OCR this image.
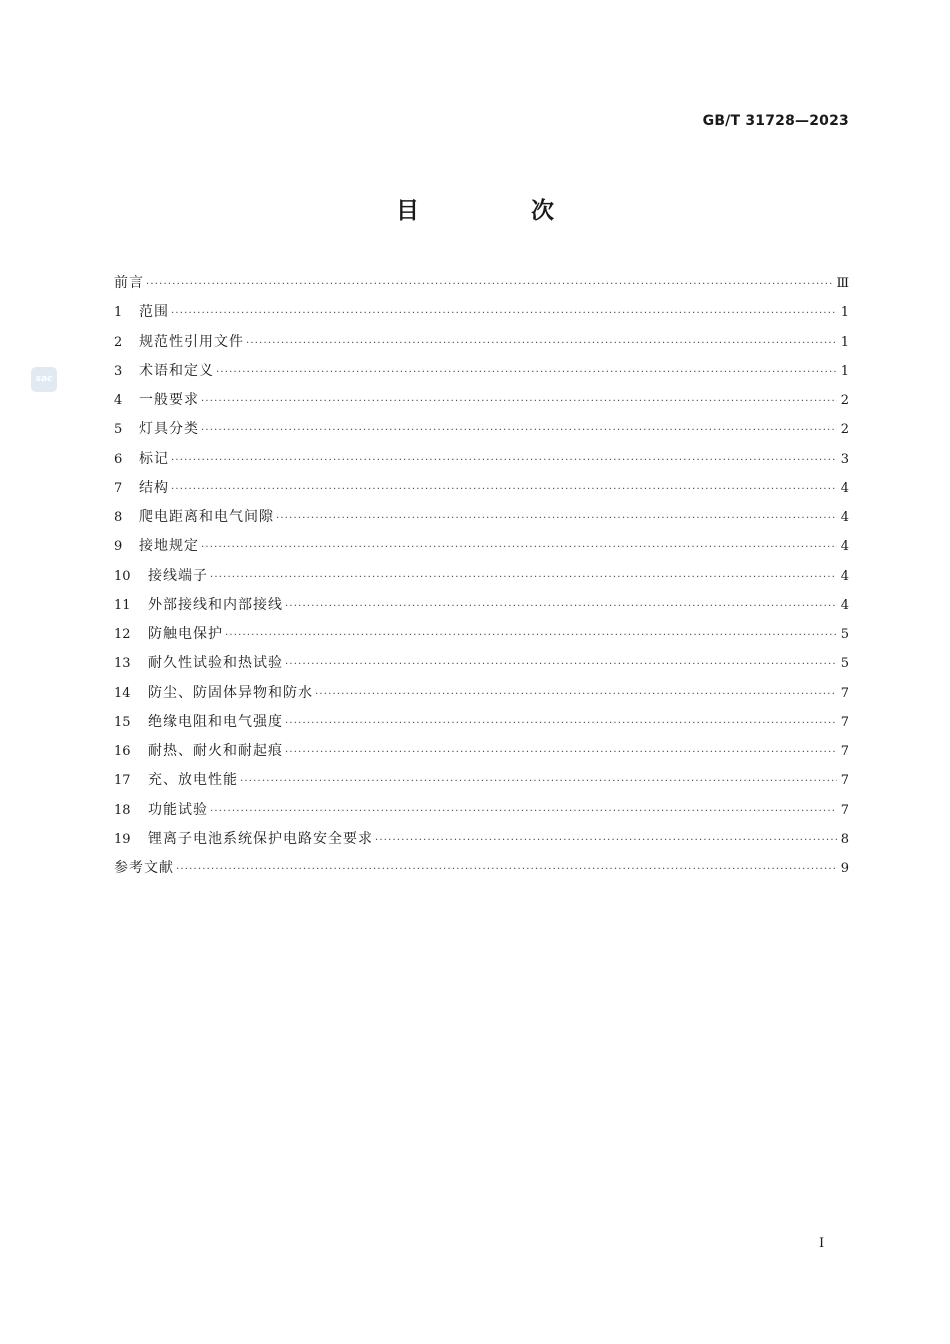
GB/T 31728—2023
sac
目 次
前言 ·····	Ⅲ
1	范围 ·····	1
2	规范性引用文件 ·····	1
3	术语和定义 ·····	1
4	一般要求 ·····	2
5	灯具分类 ·····	2
6	标记 ·····	3
7	结构 ·····	4
8	爬电距离和电气间隙 ·····	4
9	接地规定 ·····	4
10	接线端子 ·····	4
11	外部接线和内部接线 ·····	4
12	防触电保护 ·····	5
13	耐久性试验和热试验 ·····	5
14	防尘、防固体异物和防水 ·····	7
15	绝缘电阻和电气强度 ·····	7
16	耐热、耐火和耐起痕 ·····	7
17	充、放电性能 ·····	7
18	功能试验 ·····	7
19	锂离子电池系统保护电路安全要求 ·····	8
参考文献 ·····	9
I
